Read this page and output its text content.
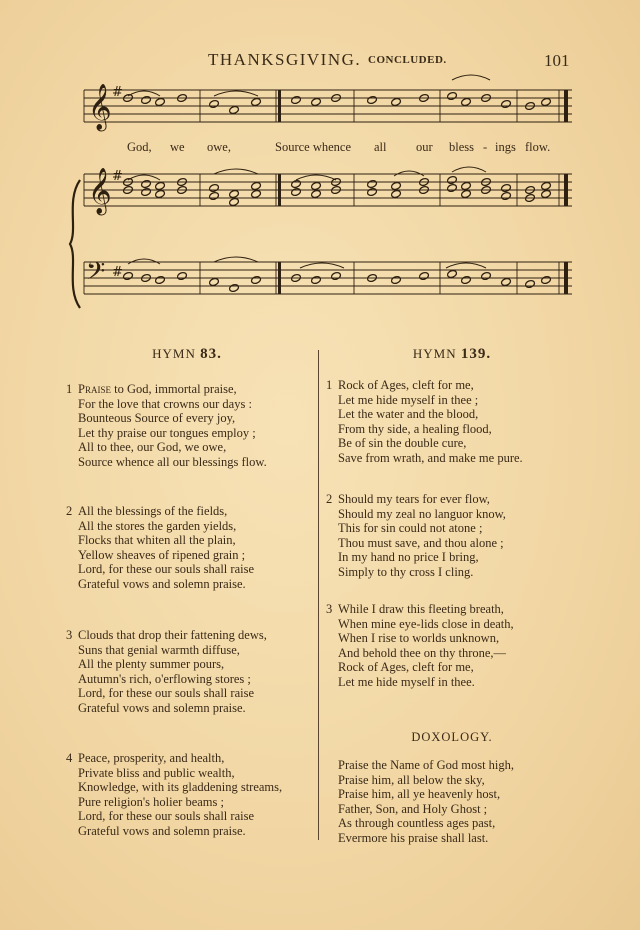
THANKSGIVING. CONCLUDED.	101
𝄞 #
𝄞 #
𝄢 #
God, we owe,	Source whence all our bless - ings flow.
HYMN 83.
1 Praise to God, immortal praise,
For the love that crowns our days :
Bounteous Source of every joy,
Let thy praise our tongues employ ;
All to thee, our God, we owe,
Source whence all our blessings flow.
2 All the blessings of the fields,
All the stores the garden yields,
Flocks that whiten all the plain,
Yellow sheaves of ripened grain ;
Lord, for these our souls shall raise
Grateful vows and solemn praise.
3 Clouds that drop their fattening dews,
Suns that genial warmth diffuse,
All the plenty summer pours,
Autumn's rich, o'erflowing stores ;
Lord, for these our souls shall raise
Grateful vows and solemn praise.
4 Peace, prosperity, and health,
Private bliss and public wealth,
Knowledge, with its gladdening streams,
Pure religion's holier beams ;
Lord, for these our souls shall raise
Grateful vows and solemn praise.
HYMN 139.
1 Rock of Ages, cleft for me,
Let me hide myself in thee ;
Let the water and the blood,
From thy side, a healing flood,
Be of sin the double cure,
Save from wrath, and make me pure.
2 Should my tears for ever flow,
Should my zeal no languor know,
This for sin could not atone ;
Thou must save, and thou alone ;
In my hand no price I bring,
Simply to thy cross I cling.
3 While I draw this fleeting breath,
When mine eye-lids close in death,
When I rise to worlds unknown,
And behold thee on thy throne,—
Rock of Ages, cleft for me,
Let me hide myself in thee.
DOXOLOGY.
Praise the Name of God most high,
Praise him, all below the sky,
Praise him, all ye heavenly host,
Father, Son, and Holy Ghost ;
As through countless ages past,
Evermore his praise shall last.
